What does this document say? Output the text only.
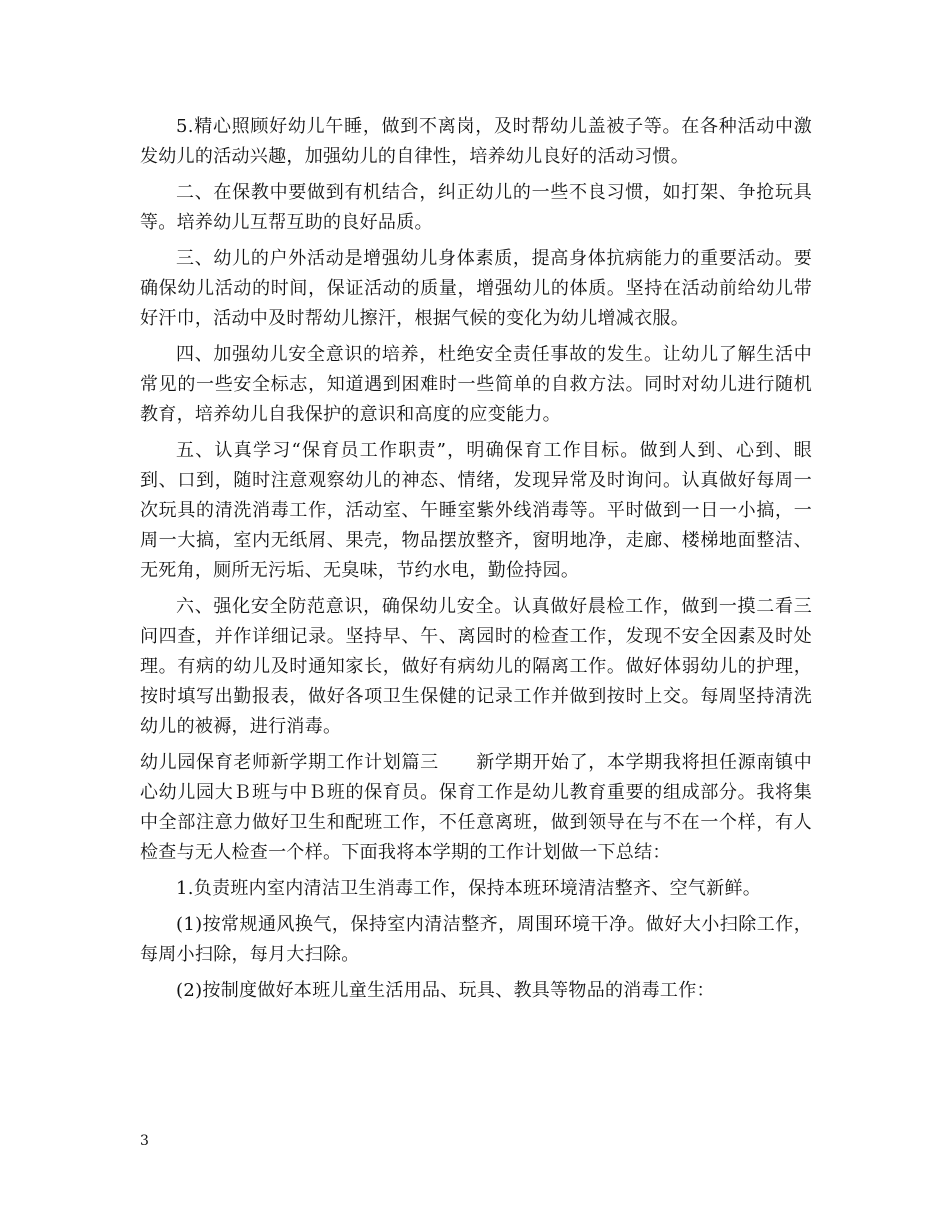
5.精心照顾好幼儿午睡，做到不离岗，及时帮幼儿盖被子等。在各种活动中激发幼儿的活动兴趣，加强幼儿的自律性，培养幼儿良好的活动习惯。

二、在保教中要做到有机结合，纠正幼儿的一些不良习惯，如打架、争抢玩具等。培养幼儿互帮互助的良好品质。

三、幼儿的户外活动是增强幼儿身体素质，提高身体抗病能力的重要活动。要确保幼儿活动的时间，保证活动的质量，增强幼儿的体质。坚持在活动前给幼儿带好汗巾，活动中及时帮幼儿擦汗，根据气候的变化为幼儿增减衣服。

四、加强幼儿安全意识的培养，杜绝安全责任事故的发生。让幼儿了解生活中常见的一些安全标志，知道遇到困难时一些简单的自救方法。同时对幼儿进行随机教育，培养幼儿自我保护的意识和高度的应变能力。

五、认真学习“保育员工作职责”，明确保育工作目标。做到人到、心到、眼到、口到，随时注意观察幼儿的神态、情绪，发现异常及时询问。认真做好每周一次玩具的清洗消毒工作，活动室、午睡室紫外线消毒等。平时做到一日一小搞，一周一大搞，室内无纸屑、果壳，物品摆放整齐，窗明地净，走廊、楼梯地面整洁、无死角，厕所无污垢、无臭味，节约水电，勤俭持园。

六、强化安全防范意识，确保幼儿安全。认真做好晨检工作，做到一摸二看三问四查，并作详细记录。坚持早、午、离园时的检查工作，发现不安全因素及时处理。有病的幼儿及时通知家长，做好有病幼儿的隔离工作。做好体弱幼儿的护理，按时填写出勤报表，做好各项卫生保健的记录工作并做到按时上交。每周坚持清洗幼儿的被褥，进行消毒。

幼儿园保育老师新学期工作计划篇三　　新学期开始了，本学期我将担任源南镇中心幼儿园大Ｂ班与中Ｂ班的保育员。保育工作是幼儿教育重要的组成部分。我将集中全部注意力做好卫生和配班工作，不任意离班，做到领导在与不在一个样，有人检查与无人检查一个样。下面我将本学期的工作计划做一下总结：

1.负责班内室内清洁卫生消毒工作，保持本班环境清洁整齐、空气新鲜。

(1)按常规通风换气，保持室内清洁整齐，周围环境干净。做好大小扫除工作，每周小扫除，每月大扫除。

(2)按制度做好本班儿童生活用品、玩具、教具等物品的消毒工作：

3
